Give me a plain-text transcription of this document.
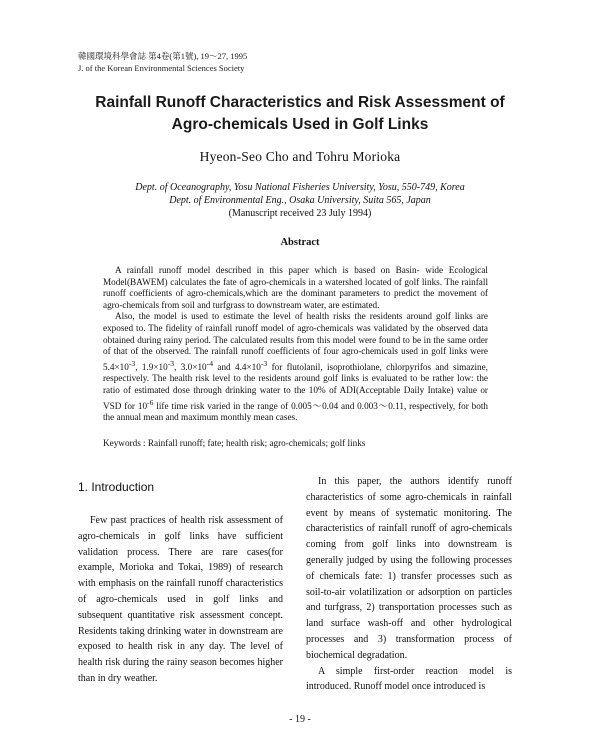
韓國環境科學會誌 第4卷(第1號), 19～27, 1995
J. of the Korean Environmental Sciences Society
Rainfall Runoff Characteristics and Risk Assessment of
Agro-chemicals Used in Golf Links
Hyeon-Seo Cho and Tohru Morioka
Dept. of Oceanography, Yosu National Fisheries University, Yosu, 550-749, Korea
Dept. of Environmental Eng., Osaka University, Suita 565, Japan
(Manuscript received 23 July 1994)
Abstract

A rainfall runoff model described in this paper which is based on Basin- wide Ecological Model(BAWEM) calculates the fate of agro-chemicals in a watershed located of golf links. The rainfall runoff coefficients of agro-chemicals,which are the dominant parameters to predict the movement of agro-chemicals from soil and turfgrass to downstream water, are estimated.

Also, the model is used to estimate the level of health risks the residents around golf links are exposed to. The fidelity of rainfall runoff model of agro-chemicals was validated by the observed data obtained during rainy period. The calculated results from this model were found to be in the same order of that of the observed. The rainfall runoff coefficients of four agro-chemicals used in golf links were $5.4\times 10^{-3}$, $1.9\times 10^{-3}$, $3.0\times 10^{-4}$ and $4.4\times 10^{-3}$ for flutolanil, isoprothiolane, chlorpyrifos and simazine, respectively. The health risk level to the residents around golf links is evaluated to be rather low: the ratio of estimated dose through drinking water to the 10% of ADI(Acceptable Daily Intake) value or VSD for $10^{-6}$ life time risk varied in the range of 0.005～0.04 and 0.003～0.11, respectively, for both the annual mean and maximum monthly mean cases.

Keywords : Rainfall runoff; fate; health risk; agro-chemicals; golf links
1. Introduction

Few past practices of health risk assessment of agro-chemicals in golf links have sufficient validation process. There are rare cases(for example, Morioka and Tokai, 1989) of research with emphasis on the rainfall runoff characteristics of agro-chemicals used in golf links and subsequent quantitative risk assessment concept. Residents taking drinking water in downstream are exposed to health risk in any day. The level of health risk during the rainy season becomes higher than in dry weather.

In this paper, the authors identify runoff characteristics of some agro-chemicals in rainfall event by means of systematic monitoring. The characteristics of rainfall runoff of agro-chemicals coming from golf links into downstream is generally judged by using the following processes of chemicals fate: 1) transfer processes such as soil-to-air volatilization or adsorption on particles and turfgrass, 2) transportation processes such as land surface wash-off and other hydrological processes and 3) transformation process of biochemical degradation.

A simple first-order reaction model is introduced. Runoff model once introduced is

- 19 -
